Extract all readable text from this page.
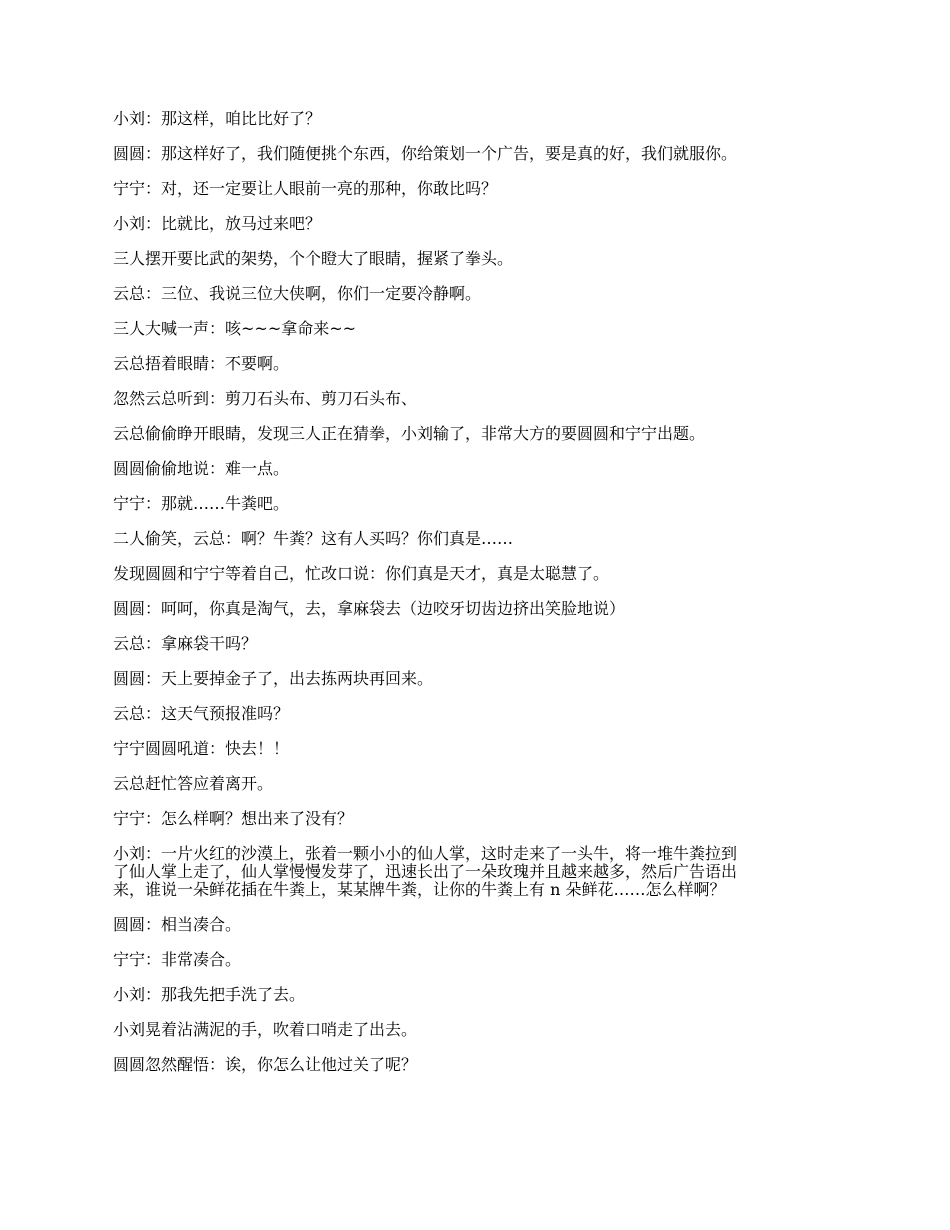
小刘：那这样，咱比比好了？
圆圆：那这样好了，我们随便挑个东西，你给策划一个广告，要是真的好，我们就服你。
宁宁：对，还一定要让人眼前一亮的那种，你敢比吗？
小刘：比就比，放马过来吧？
三人摆开要比武的架势，个个瞪大了眼睛，握紧了拳头。
云总：三位、我说三位大侠啊，你们一定要冷静啊。
三人大喊一声：咳~~~拿命来~~
云总捂着眼睛：不要啊。
忽然云总听到：剪刀石头布、剪刀石头布、
云总偷偷睁开眼睛，发现三人正在猜拳，小刘输了，非常大方的要圆圆和宁宁出题。
圆圆偷偷地说：难一点。
宁宁：那就……牛粪吧。
二人偷笑，云总：啊？牛粪？这有人买吗？你们真是……
发现圆圆和宁宁等着自己，忙改口说：你们真是天才，真是太聪慧了。
圆圆：呵呵，你真是淘气，去，拿麻袋去（边咬牙切齿边挤出笑脸地说）
云总：拿麻袋干吗？
圆圆：天上要掉金子了，出去拣两块再回来。
云总：这天气预报准吗？
宁宁圆圆吼道：快去！！
云总赶忙答应着离开。
宁宁：怎么样啊？想出来了没有？
小刘：一片火红的沙漠上，张着一颗小小的仙人掌，这时走来了一头牛，将一堆牛粪拉到
了仙人掌上走了，仙人掌慢慢发芽了，迅速长出了一朵玫瑰并且越来越多，然后广告语出
来，谁说一朵鲜花插在牛粪上，某某牌牛粪，让你的牛粪上有 n 朵鲜花……怎么样啊？
圆圆：相当凑合。
宁宁：非常凑合。
小刘：那我先把手洗了去。
小刘晃着沾满泥的手，吹着口哨走了出去。
圆圆忽然醒悟：诶，你怎么让他过关了呢？
